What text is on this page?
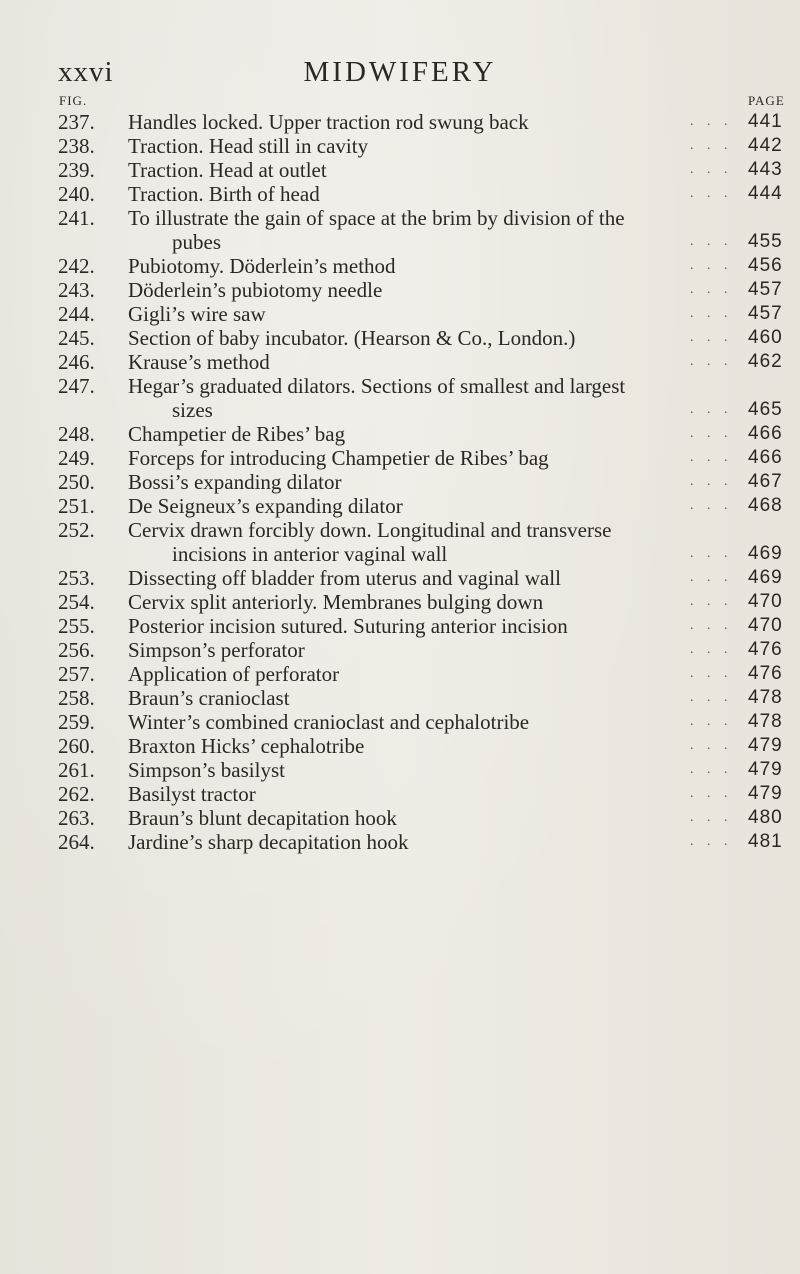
xxvi	MIDWIFERY
FIG.	PAGE
237. Handles locked. Upper traction rod swung back	. . . 441
238. Traction. Head still in cavity	. . . 442
239. Traction. Head at outlet	. . . 443
240. Traction. Birth of head	. . . 444
241. To illustrate the gain of space at the brim by division of the
pubes	. . . 455
242. Pubiotomy. Döderlein’s method	. . . 456
243. Döderlein’s pubiotomy needle	. . . 457
244. Gigli’s wire saw	. . . 457
245. Section of baby incubator. (Hearson & Co., London.)	. . . 460
246. Krause’s method	. . . 462
247. Hegar’s graduated dilators. Sections of smallest and largest
sizes	. . . 465
248. Champetier de Ribes’ bag	. . . 466
249. Forceps for introducing Champetier de Ribes’ bag	. . . 466
250. Bossi’s expanding dilator	. . . 467
251. De Seigneux’s expanding dilator	. . . 468
252. Cervix drawn forcibly down. Longitudinal and transverse
incisions in anterior vaginal wall	. . . 469
253. Dissecting off bladder from uterus and vaginal wall	. . . 469
254. Cervix split anteriorly. Membranes bulging down	. . . 470
255. Posterior incision sutured. Suturing anterior incision	. . . 470
256. Simpson’s perforator	. . . 476
257. Application of perforator	. . . 476
258. Braun’s cranioclast	. . . 478
259. Winter’s combined cranioclast and cephalotribe	. . . 478
260. Braxton Hicks’ cephalotribe	. . . 479
261. Simpson’s basilyst	. . . 479
262. Basilyst tractor	. . . 479
263. Braun’s blunt decapitation hook	. . . 480
264. Jardine’s sharp decapitation hook	. . . 481
